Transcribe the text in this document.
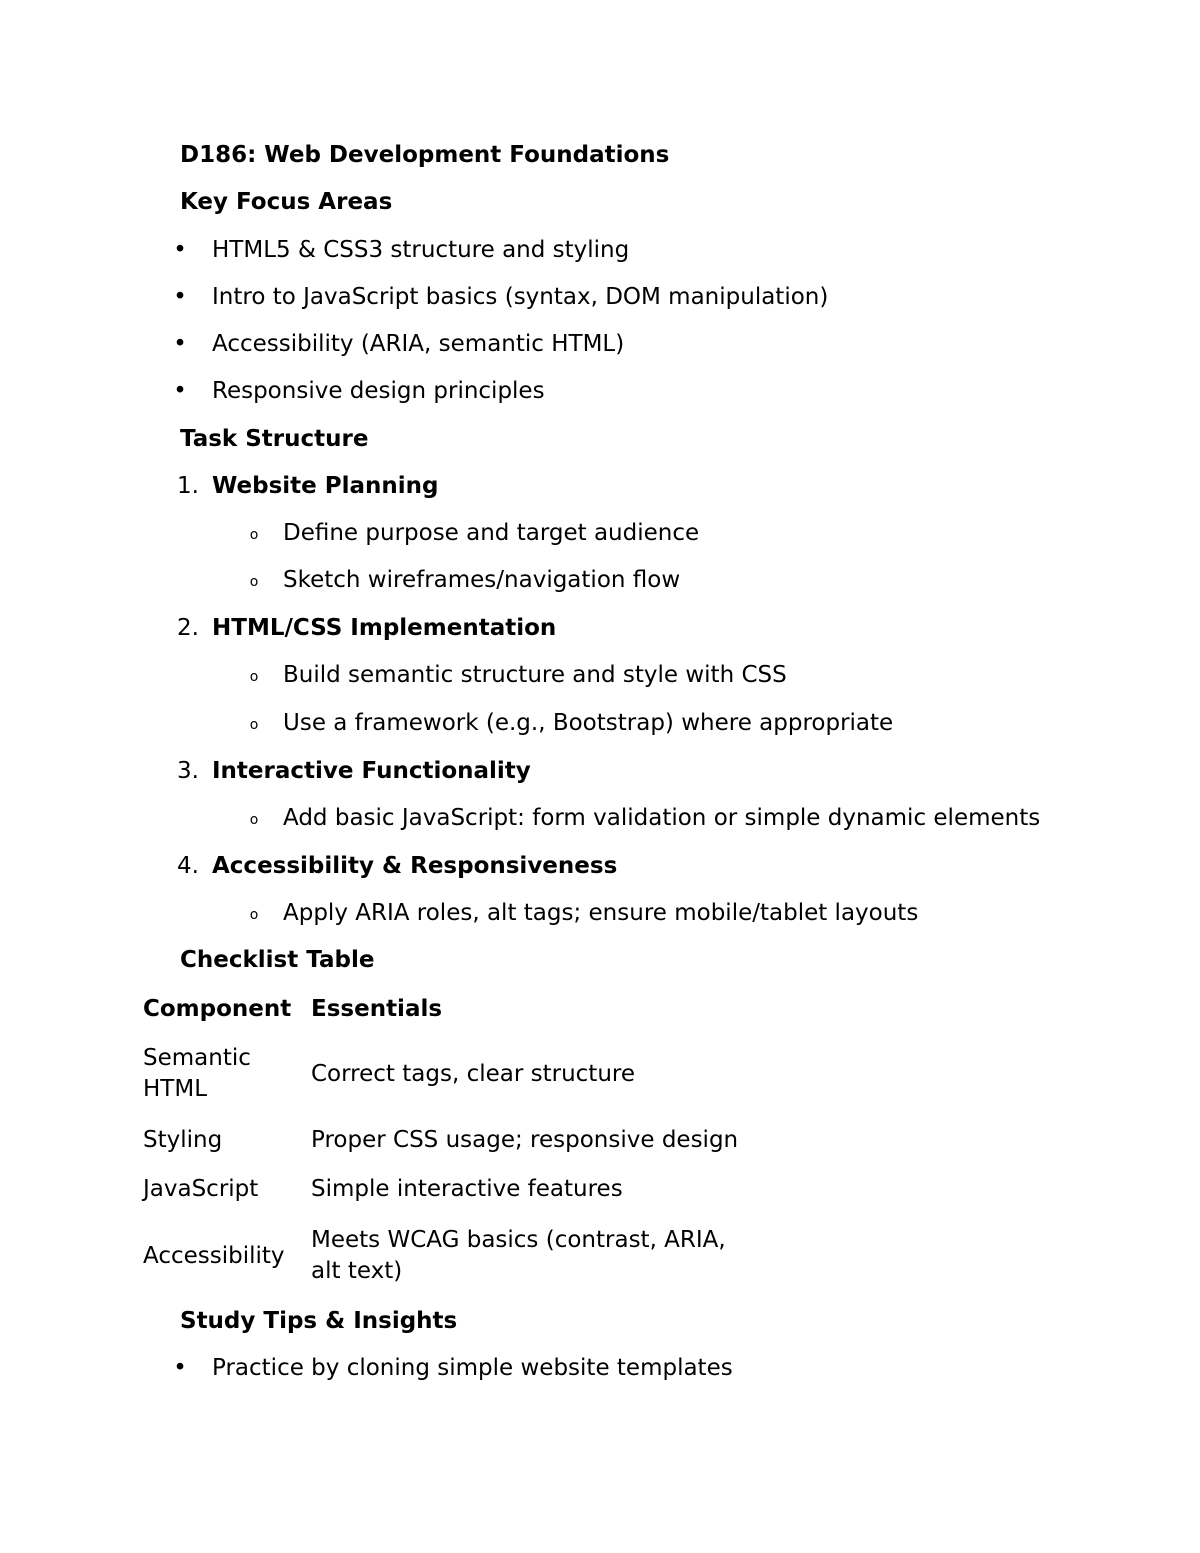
D186: Web Development Foundations
Key Focus Areas
• HTML5 & CSS3 structure and styling
• Intro to JavaScript basics (syntax, DOM manipulation)
• Accessibility (ARIA, semantic HTML)
• Responsive design principles
Task Structure
1. Website Planning
o Define purpose and target audience
o Sketch wireframes/navigation flow
2. HTML/CSS Implementation
o Build semantic structure and style with CSS
o Use a framework (e.g., Bootstrap) where appropriate
3. Interactive Functionality
o Add basic JavaScript: form validation or simple dynamic elements
4. Accessibility & Responsiveness
o Apply ARIA roles, alt tags; ensure mobile/tablet layouts
Checklist Table
Component Essentials
Semantic
HTML
Correct tags, clear structure
Styling	Proper CSS usage; responsive design
JavaScript Simple interactive features
Accessibility
Meets WCAG basics (contrast, ARIA,
alt text)
Study Tips & Insights
• Practice by cloning simple website templates
